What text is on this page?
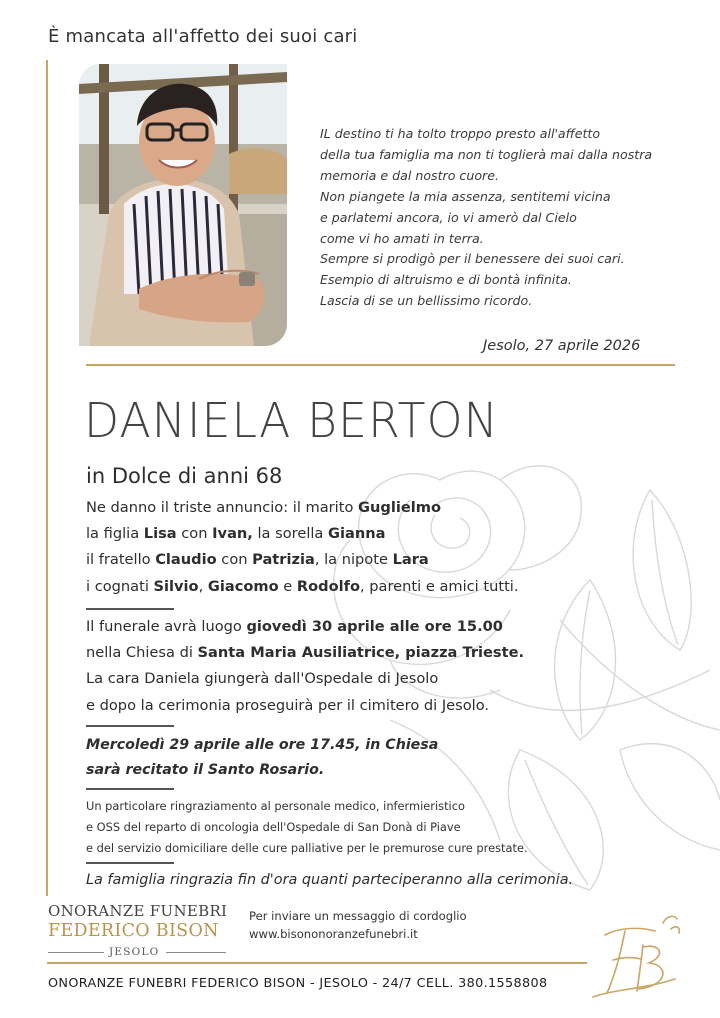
È mancata all'affetto dei suoi cari
IL destino ti ha tolto troppo presto all'affetto
della tua famiglia ma non ti toglierà mai dalla nostra
memoria e dal nostro cuore.
Non piangete la mia assenza, sentitemi vicina
e parlatemi ancora, io vi amerò dal Cielo
come vi ho amati in terra.
Sempre si prodigò per il benessere dei suoi cari.
Esempio di altruismo e di bontà infinita.
Lascia di se un bellissimo ricordo.
Jesolo, 27 aprile 2026
DANIELA BERTON
in Dolce di anni 68
Ne danno il triste annuncio: il marito Guglielmo
la figlia Lisa con Ivan, la sorella Gianna
il fratello Claudio con Patrizia, la nipote Lara
i cognati Silvio, Giacomo e Rodolfo, parenti e amici tutti.
Il funerale avrà luogo giovedì 30 aprile alle ore 15.00
nella Chiesa di Santa Maria Ausiliatrice, piazza Trieste.
La cara Daniela giungerà dall'Ospedale di Jesolo
e dopo la cerimonia proseguirà per il cimitero di Jesolo.
Mercoledì 29 aprile alle ore 17.45, in Chiesa
sarà recitato il Santo Rosario.
Un particolare ringraziamento al personale medico, infermieristico
e OSS del reparto di oncologia dell'Ospedale di San Donà di Piave
e del servizio domiciliare delle cure palliative per le premurose cure prestate.
La famiglia ringrazia fin d'ora quanti parteciperanno alla cerimonia.
ONORANZE FUNEBRI
FEDERICO BISON
JESOLO
Per inviare un messaggio di cordoglio
www.bisononoranzefunebri.it
FB
ONORANZE FUNEBRI FEDERICO BISON - JESOLO - 24/7 CELL. 380.1558808
